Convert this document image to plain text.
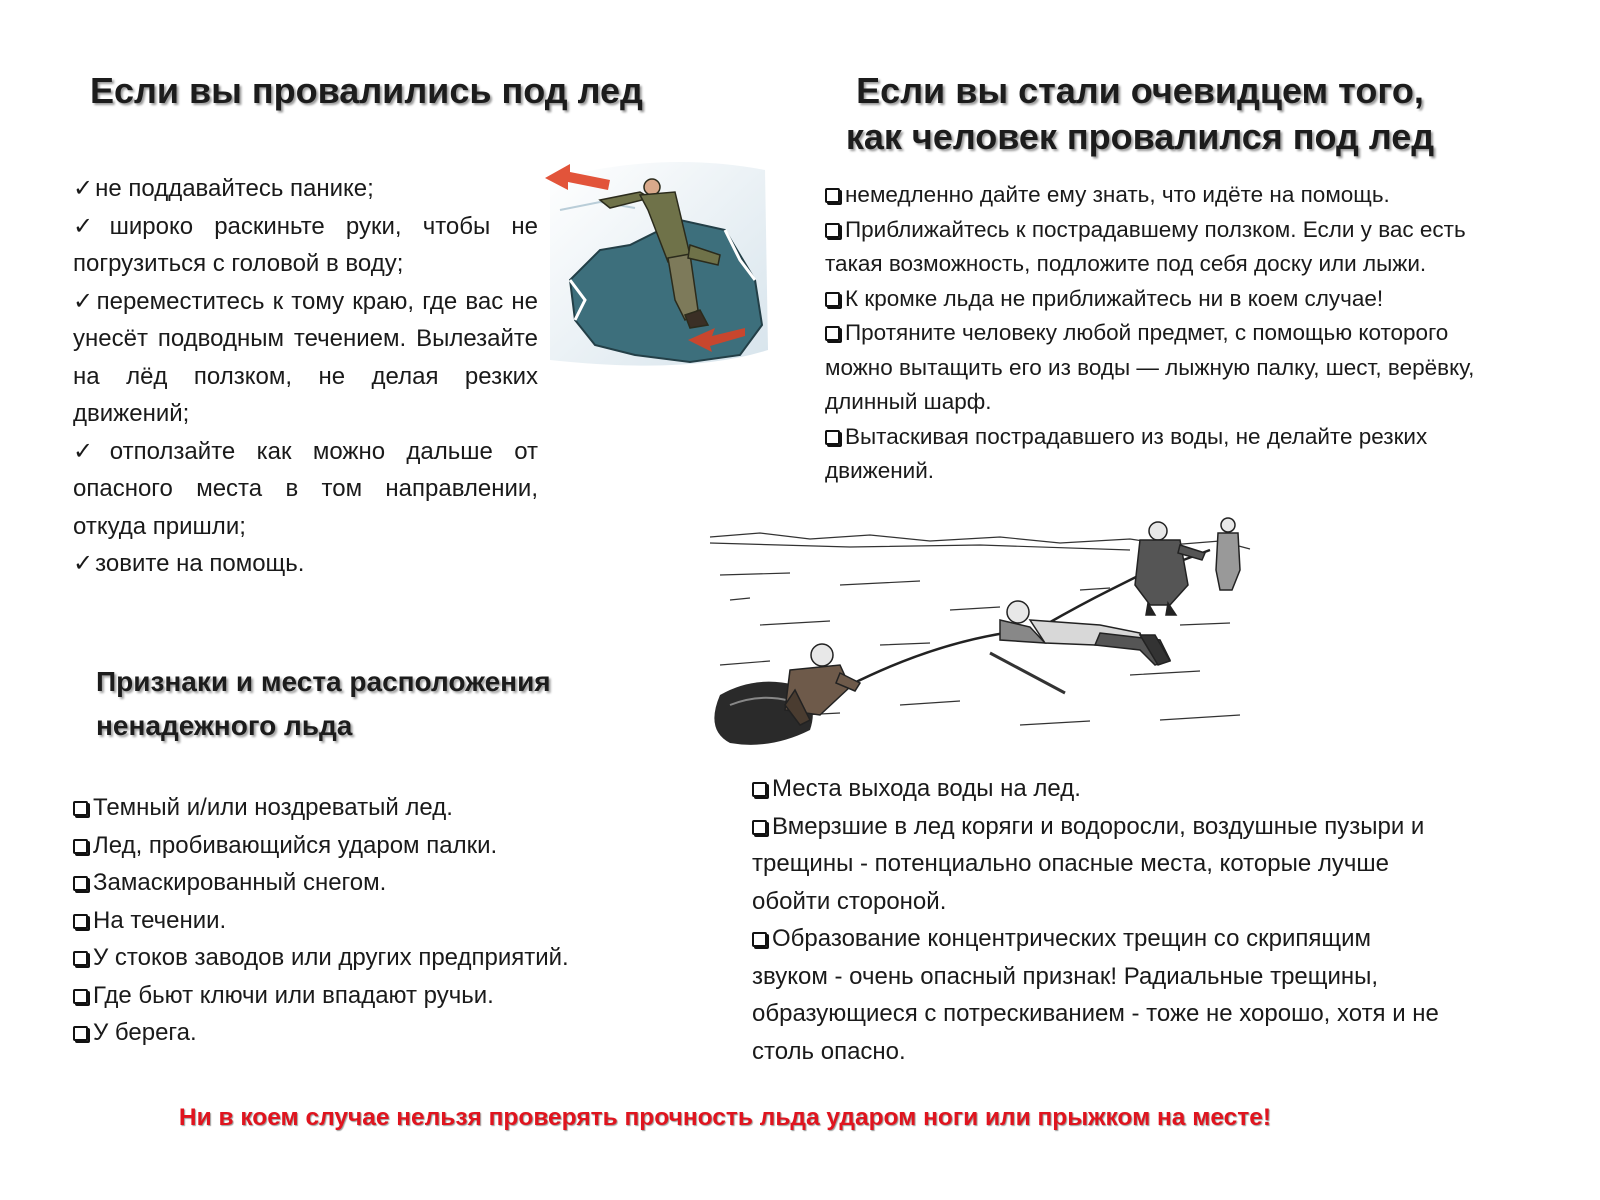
Если вы провалились под лед	Если вы стали очевидцем того,
как человек провалился под лед
✓не поддавайтесь панике;
✓широко раскиньте руки, чтобы не погрузиться с головой в воду;
✓переместитесь к тому краю, где вас не унесёт подводным течением. Вылезайте на лёд ползком, не делая резких движений;
✓отползайте как можно дальше от опасного места в том направлении, откуда пришли;
✓зовите на помощь.
немедленно дайте ему знать, что идёте на помощь.
Приближайтесь к пострадавшему ползком. Если у вас есть такая возможность, подложите под себя доску или лыжи.
К кромке льда не приближайтесь ни в коем случае!
Протяните человеку любой предмет, с помощью которого можно вытащить его из воды — лыжную палку, шест, верёвку, длинный шарф.
Вытаскивая пострадавшего из воды, не делайте резких движений.
Признаки и места расположения
ненадежного льда
Темный и/или ноздреватый лед.
Лед, пробивающийся ударом палки.
Замаскированный снегом.
На течении.
У стоков заводов или других предприятий.
Где бьют ключи или впадают ручьи.
У берега.
Места выхода воды на лед.
Вмерзшие в лед коряги и водоросли, воздушные пузыри и трещины - потенциально опасные места, которые лучше обойти стороной.
Образование концентрических трещин со скрипящим звуком - очень опасный признак! Радиальные трещины, образующиеся с потрескиванием - тоже не хорошо, хотя и не столь опасно.
Ни в коем случае нельзя проверять прочность льда ударом ноги или прыжком на месте!
